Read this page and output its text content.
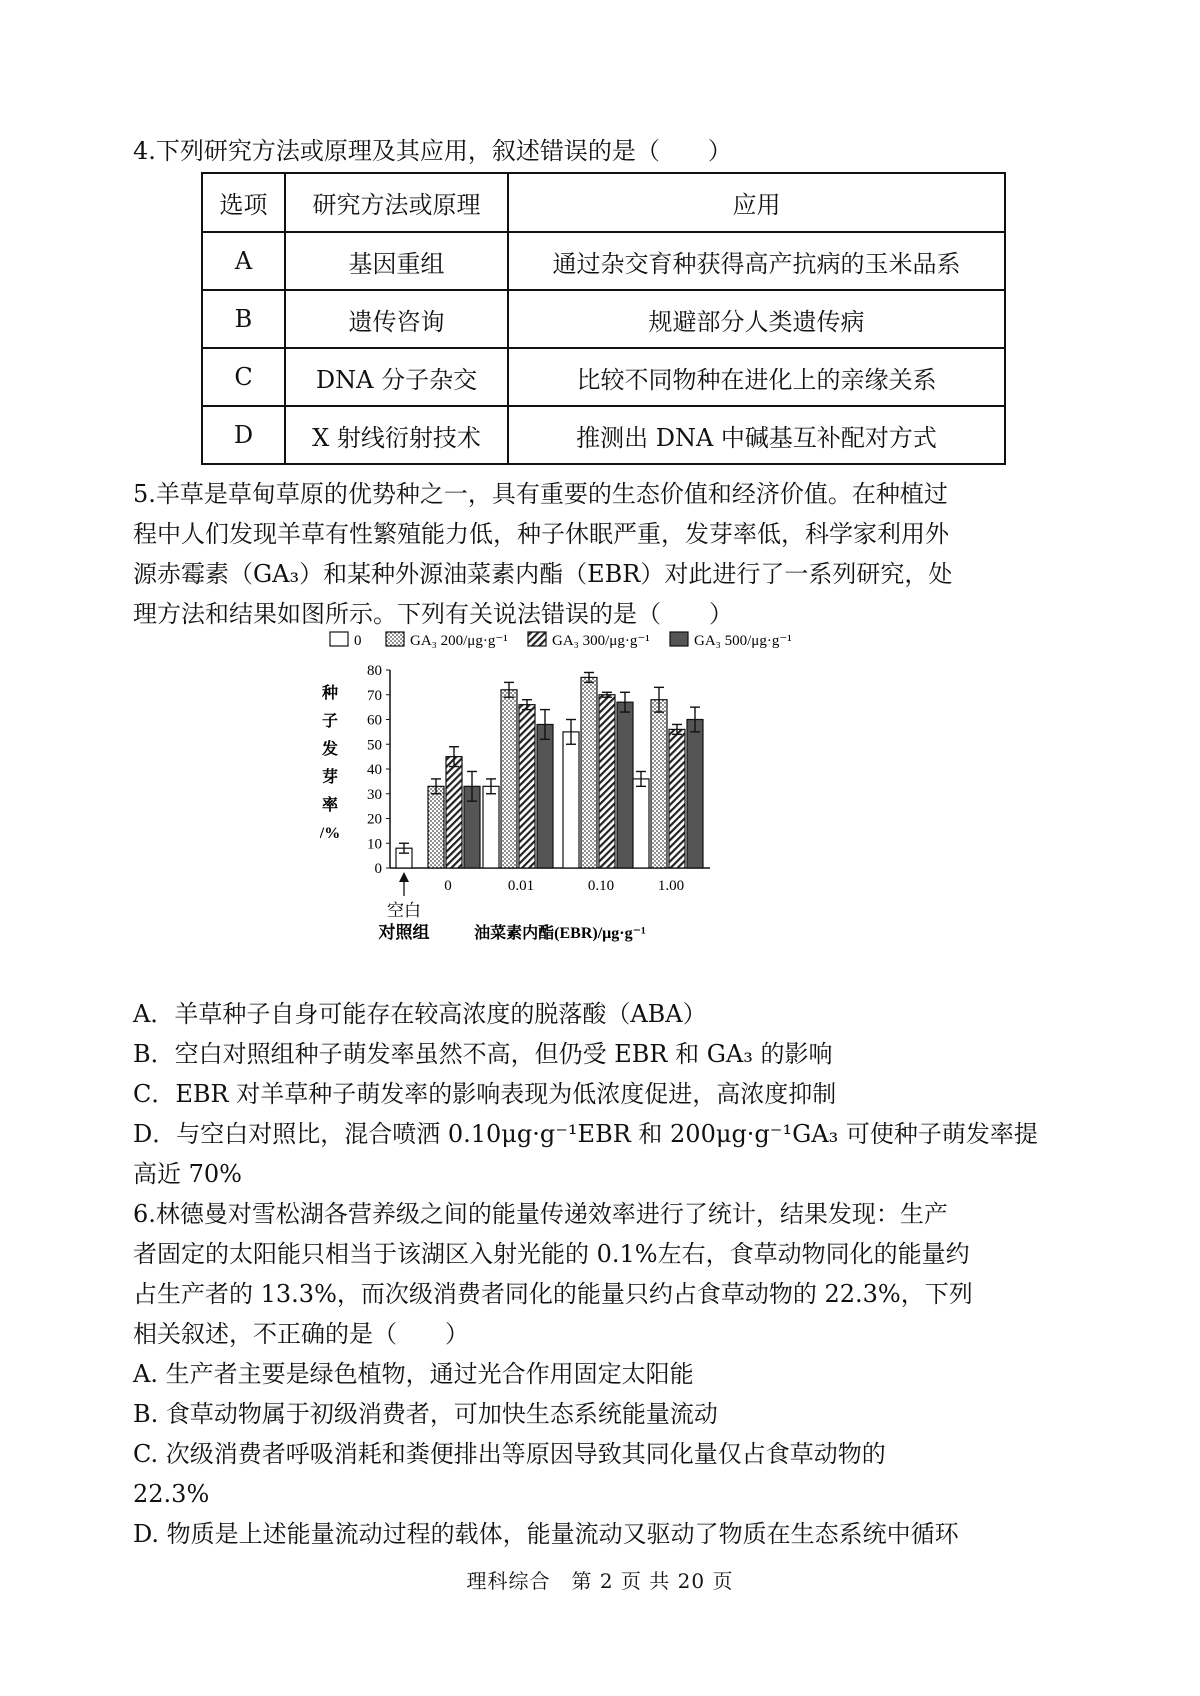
4.下列研究方法或原理及其应用，叙述错误的是（　　）
选项	研究方法或原理	应用
A	基因重组	通过杂交育种获得高产抗病的玉米品系
B	遗传咨询	规避部分人类遗传病
C	DNA 分子杂交	比较不同物种在进化上的亲缘关系
D	X 射线衍射技术	推测出 DNA 中碱基互补配对方式
5.羊草是草甸草原的优势种之一，具有重要的生态价值和经济价值。在种植过
程中人们发现羊草有性繁殖能力低，种子休眠严重，发芽率低，科学家利用外
源赤霉素（GA₃）和某种外源油菜素内酯（EBR）对此进行了一系列研究，处
理方法和结果如图所示。下列有关说法错误的是（　　）
0	GA₃ 200/μg·g⁻¹	GA₃ 300/μg·g⁻¹	GA₃ 500/μg·g⁻¹
0
10
20
30
40
50
60
70
80
种
子
发
芽
率
/%
0	0.01	0.10	1.00
空白
对照组	油菜素内酯(EBR)/μg·g⁻¹
A．羊草种子自身可能存在较高浓度的脱落酸（ABA）
B．空白对照组种子萌发率虽然不高，但仍受 EBR 和 GA₃ 的影响
C．EBR 对羊草种子萌发率的影响表现为低浓度促进，高浓度抑制
D．与空白对照比，混合喷洒 0.10μg·g⁻¹EBR 和 200μg·g⁻¹GA₃ 可使种子萌发率提
高近 70%
6.林德曼对雪松湖各营养级之间的能量传递效率进行了统计，结果发现：生产
者固定的太阳能只相当于该湖区入射光能的 0.1%左右，食草动物同化的能量约
占生产者的 13.3%，而次级消费者同化的能量只约占食草动物的 22.3%，下列
相关叙述，不正确的是（　　）
A. 生产者主要是绿色植物，通过光合作用固定太阳能
B. 食草动物属于初级消费者，可加快生态系统能量流动
C. 次级消费者呼吸消耗和粪便排出等原因导致其同化量仅占食草动物的
22.3%
D. 物质是上述能量流动过程的载体，能量流动又驱动了物质在生态系统中循环
理科综合　第 2 页 共 20 页
